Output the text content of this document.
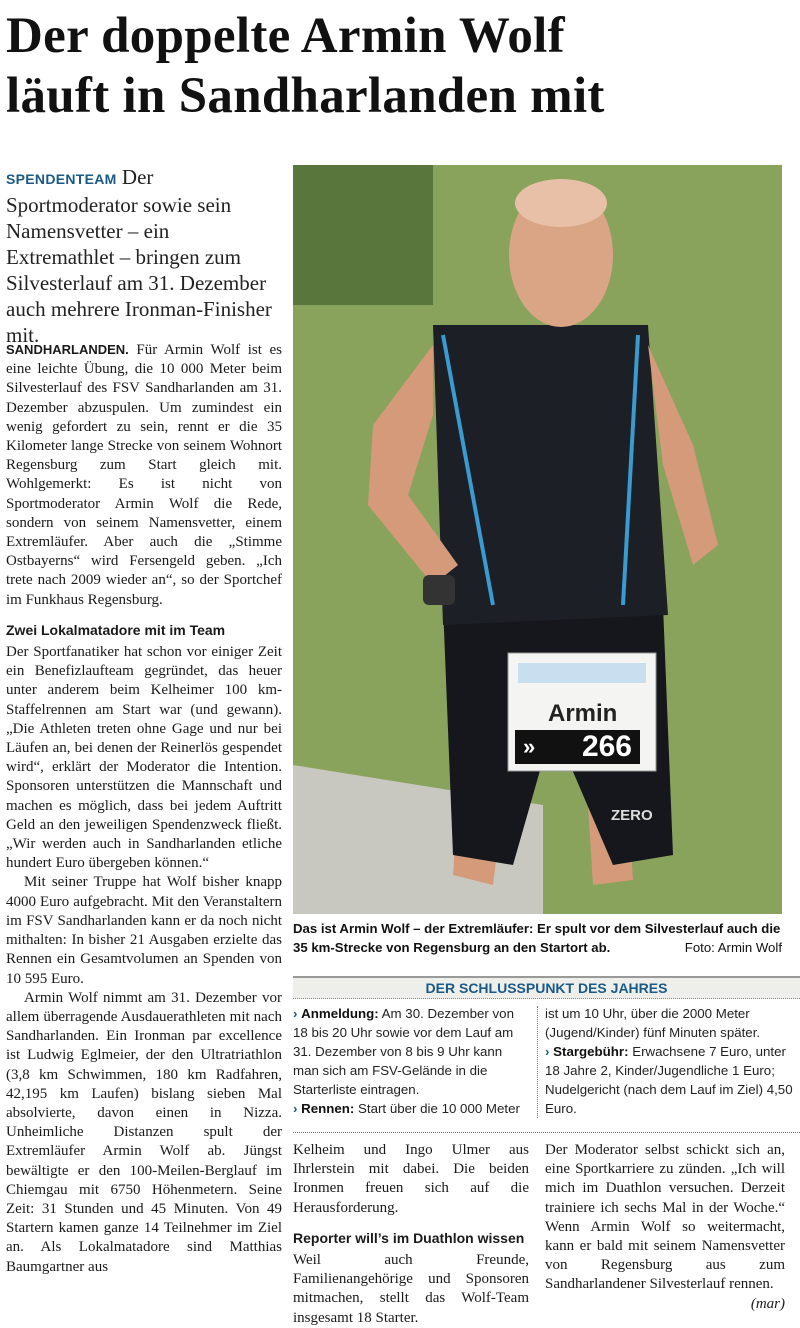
Der doppelte Armin Wolf
läuft in Sandharlanden mit
SPENDENTEAM Der Sportmoderator sowie sein Namensvetter – ein Extremathlet – bringen zum Silvesterlauf am 31. Dezember auch mehrere Ironman-Finisher mit.

SANDHARLANDEN. Für Armin Wolf ist es eine leichte Übung, die 10 000 Meter beim Silvesterlauf des FSV Sandharlanden am 31. Dezember abzuspulen. Um zumindest ein wenig gefordert zu sein, rennt er die 35 Kilometer lange Strecke von seinem Wohnort Regensburg zum Start gleich mit. Wohlgemerkt: Es ist nicht von Sportmoderator Armin Wolf die Rede, sondern von seinem Namensvetter, einem Extremläufer. Aber auch die „Stimme Ostbayerns“ wird Fersengeld geben. „Ich trete nach 2009 wieder an“, so der Sportchef im Funkhaus Regensburg.

Zwei Lokalmatadore mit im Team

Der Sportfanatiker hat schon vor einiger Zeit ein Benefizlaufteam gegründet, das heuer unter anderem beim Kelheimer 100 km-Staffelrennen am Start war (und gewann). „Die Athleten treten ohne Gage und nur bei Läufen an, bei denen der Reinerlös gespendet wird“, erklärt der Moderator die Intention. Sponsoren unterstützen die Mannschaft und machen es möglich, dass bei jedem Auftritt Geld an den jeweiligen Spendenzweck fließt. „Wir werden auch in Sandharlanden etliche hundert Euro übergeben können.“

Mit seiner Truppe hat Wolf bisher knapp 4000 Euro aufgebracht. Mit den Veranstaltern im FSV Sandharlanden kann er da noch nicht mithalten: In bisher 21 Ausgaben erzielte das Rennen ein Gesamtvolumen an Spenden von 10 595 Euro.

Armin Wolf nimmt am 31. Dezember vor allem überragende Ausdauerathleten mit nach Sandharlanden. Ein Ironman par excellence ist Ludwig Eglmeier, der den Ultratriathlon (3,8 km Schwimmen, 180 km Radfahren, 42,195 km Laufen) bislang sieben Mal absolvierte, davon einen in Nizza. Unheimliche Distanzen spult der Extremläufer Armin Wolf ab. Jüngst bewältigte er den 100-Meilen-Berglauf im Chiemgau mit 6750 Höhenmetern. Seine Zeit: 31 Stunden und 45 Minuten. Von 49 Startern kamen ganze 14 Teilnehmer im Ziel an. Als Lokalmatadore sind Matthias Baumgartner aus

Armin
» 266
ZERO
Das ist Armin Wolf – der Extremläufer: Er spult vor dem Silvesterlauf auch die 35 km-Strecke von Regensburg an den Startort ab.	Foto: Armin Wolf
DER SCHLUSSPUNKT DES JAHRES
› Anmeldung: Am 30. Dezember von 18 bis 20 Uhr sowie vor dem Lauf am 31. Dezember von 8 bis 9 Uhr kann man sich am FSV-Gelände in die Starterliste eintragen.
› Rennen: Start über die 10 000 Meter
ist um 10 Uhr, über die 2000 Meter (Jugend/Kinder) fünf Minuten später.
› Stargebühr: Erwachsene 7 Euro, unter 18 Jahre 2, Kinder/Jugendliche 1 Euro; Nudelgericht (nach dem Lauf im Ziel) 4,50 Euro.

Kelheim und Ingo Ulmer aus Ihrlerstein mit dabei. Die beiden Ironmen freuen sich auf die Herausforderung.

Reporter will’s im Duathlon wissen

Weil auch Freunde, Familienangehörige und Sponsoren mitmachen, stellt das Wolf-Team insgesamt 18 Starter.

Der Moderator selbst schickt sich an, eine Sportkarriere zu zünden. „Ich will mich im Duathlon versuchen. Derzeit trainiere ich sechs Mal in der Woche.“ Wenn Armin Wolf so weitermacht, kann er bald mit seinem Namensvetter von Regensburg aus zum Sandharlandener Silvesterlauf rennen.
(mar)
